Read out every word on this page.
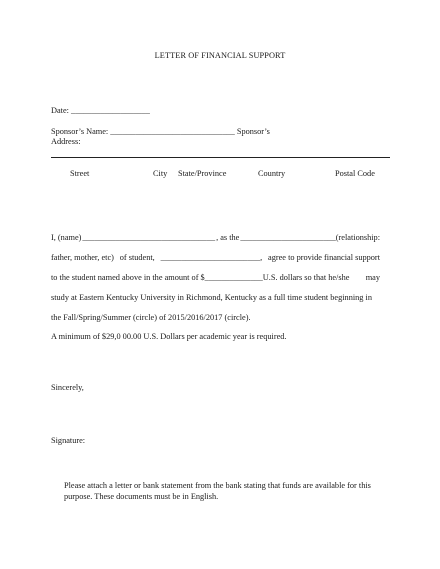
LETTER OF FINANCIAL SUPPORT
Date: ___________________
Sponsor’s Name: ______________________________ Sponsor’s
Address:
Street	City State/Province	Country	Postal Code
I, (name) ________________________________ , as the _______________________(relationship:
father, mother, etc) of student, ________________________, agree to provide financial support
to the student named above in the amount of $______________U.S. dollars so that he/she may
study at Eastern Kentucky University in Richmond, Kentucky as a full time student beginning in
the Fall/Spring/Summer (circle) of 2015/2016/2017 (circle).
A minimum of $29,0 00.00 U.S. Dollars per academic year is required.
Sincerely,
Signature:
Please attach a letter or bank statement from the bank stating that funds are available for this
purpose. These documents must be in English.
